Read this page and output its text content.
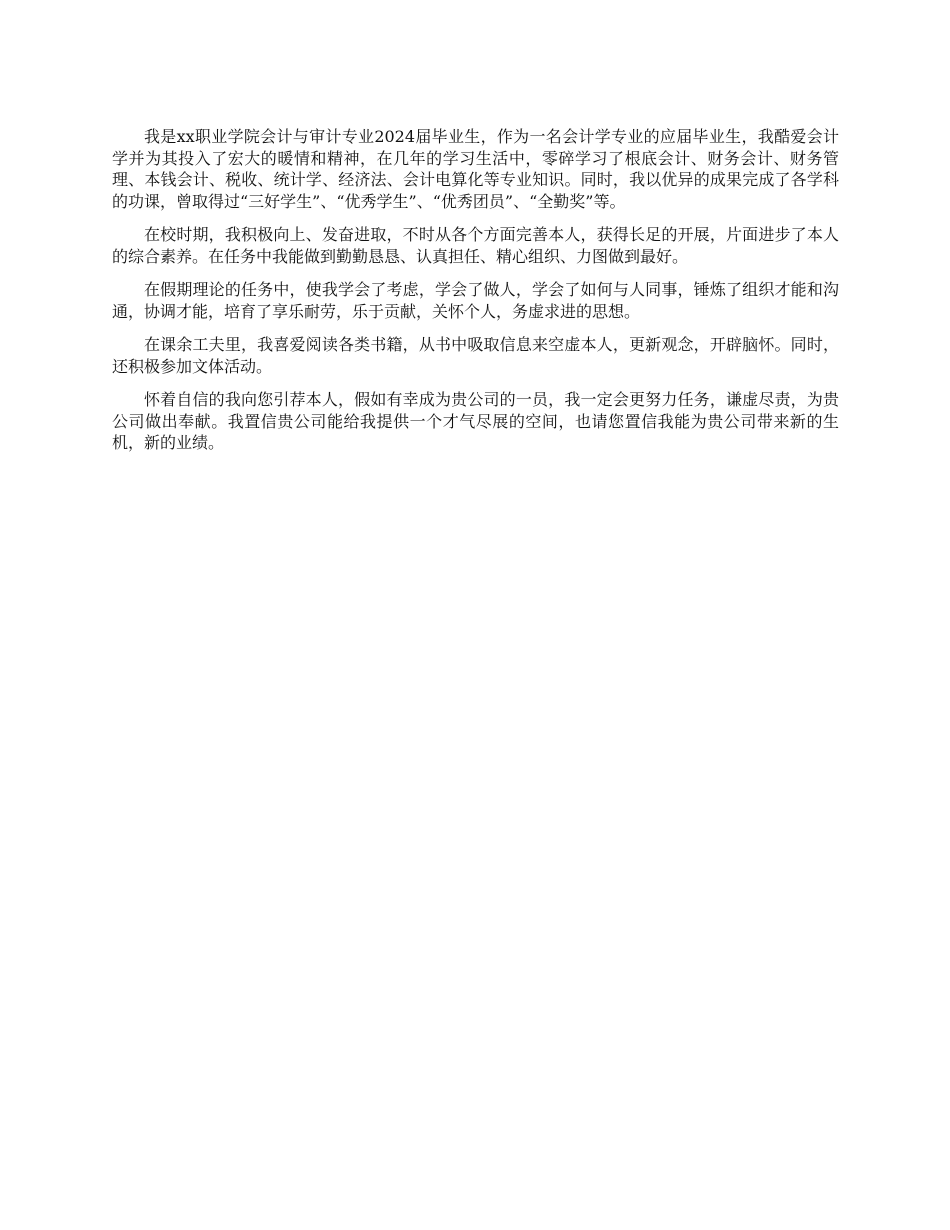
我是xx职业学院会计与审计专业2024届毕业生，作为一名会计学专业的应届毕业生，我酷爱会计学并为其投入了宏大的暖情和精神，在几年的学习生活中，零碎学习了根底会计、财务会计、财务管理、本钱会计、税收、统计学、经济法、会计电算化等专业知识。同时，我以优异的成果完成了各学科的功课，曾取得过“三好学生”、“优秀学生”、“优秀团员”、“全勤奖”等。

在校时期，我积极向上、发奋进取，不时从各个方面完善本人，获得长足的开展，片面进步了本人的综合素养。在任务中我能做到勤勤恳恳、认真担任、精心组织、力图做到最好。

在假期理论的任务中，使我学会了考虑，学会了做人，学会了如何与人同事，锤炼了组织才能和沟通，协调才能，培育了享乐耐劳，乐于贡献，关怀个人，务虚求进的思想。

在课余工夫里，我喜爱阅读各类书籍，从书中吸取信息来空虚本人，更新观念，开辟脑怀。同时，还积极参加文体活动。

怀着自信的我向您引荐本人，假如有幸成为贵公司的一员，我一定会更努力任务，谦虚尽责，为贵公司做出奉献。我置信贵公司能给我提供一个才气尽展的空间，也请您置信我能为贵公司带来新的生机，新的业绩。
